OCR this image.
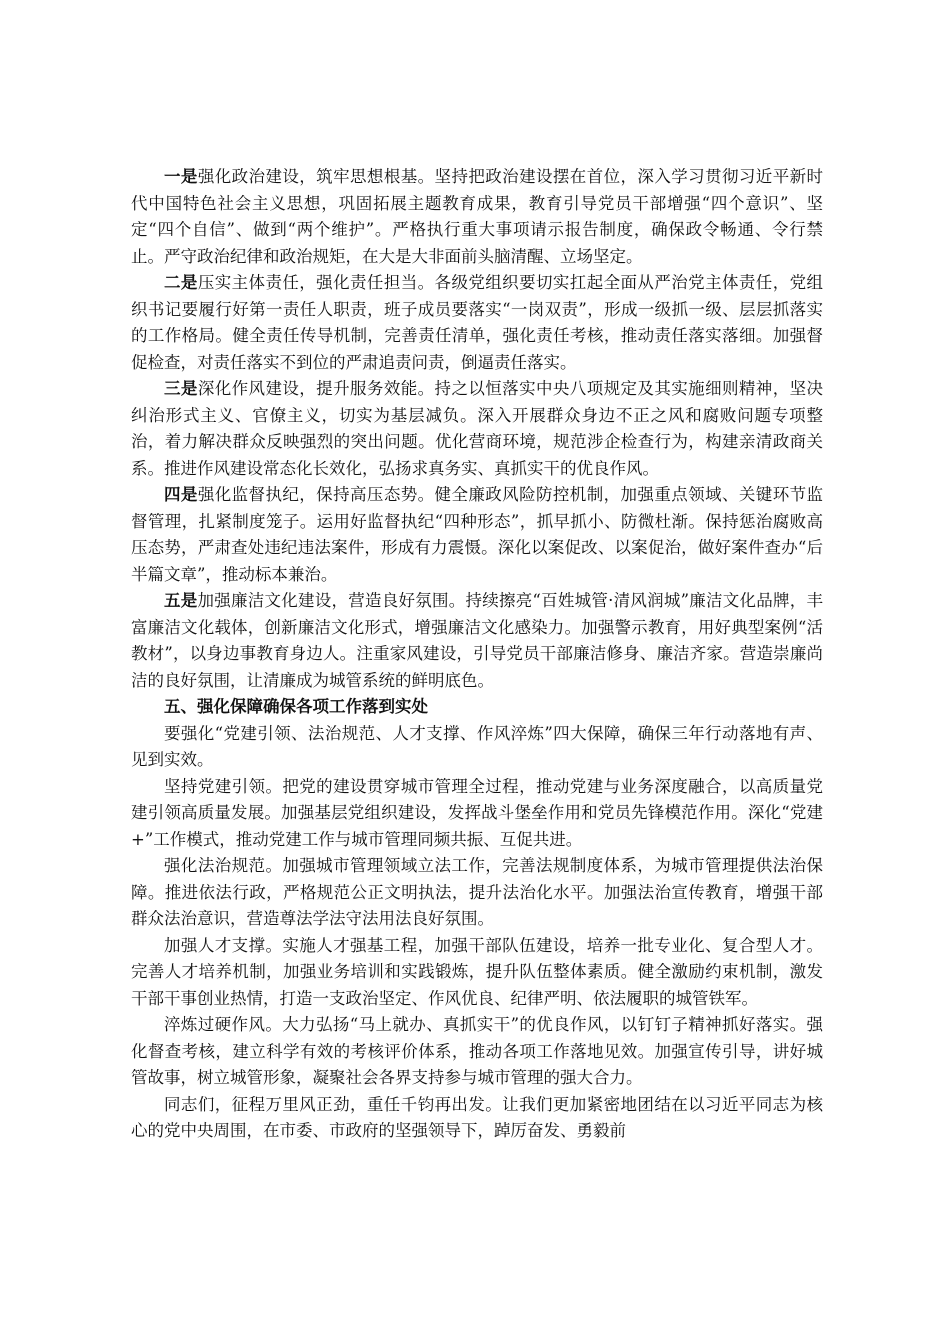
一是强化政治建设，筑牢思想根基。坚持把政治建设摆在首位，深入学习贯彻习近平新时代中国特色社会主义思想，巩固拓展主题教育成果，教育引导党员干部增强“四个意识”、坚定“四个自信”、做到“两个维护”。严格执行重大事项请示报告制度，确保政令畅通、令行禁止。严守政治纪律和政治规矩，在大是大非面前头脑清醒、立场坚定。

二是压实主体责任，强化责任担当。各级党组织要切实扛起全面从严治党主体责任，党组织书记要履行好第一责任人职责，班子成员要落实“一岗双责”，形成一级抓一级、层层抓落实的工作格局。健全责任传导机制，完善责任清单，强化责任考核，推动责任落实落细。加强督促检查，对责任落实不到位的严肃追责问责，倒逼责任落实。

三是深化作风建设，提升服务效能。持之以恒落实中央八项规定及其实施细则精神，坚决纠治形式主义、官僚主义，切实为基层减负。深入开展群众身边不正之风和腐败问题专项整治，着力解决群众反映强烈的突出问题。优化营商环境，规范涉企检查行为，构建亲清政商关系。推进作风建设常态化长效化，弘扬求真务实、真抓实干的优良作风。

四是强化监督执纪，保持高压态势。健全廉政风险防控机制，加强重点领域、关键环节监督管理，扎紧制度笼子。运用好监督执纪“四种形态”，抓早抓小、防微杜渐。保持惩治腐败高压态势，严肃查处违纪违法案件，形成有力震慑。深化以案促改、以案促治，做好案件查办“后半篇文章”，推动标本兼治。

五是加强廉洁文化建设，营造良好氛围。持续擦亮“百姓城管·清风润城”廉洁文化品牌，丰富廉洁文化载体，创新廉洁文化形式，增强廉洁文化感染力。加强警示教育，用好典型案例“活教材”，以身边事教育身边人。注重家风建设，引导党员干部廉洁修身、廉洁齐家。营造崇廉尚洁的良好氛围，让清廉成为城管系统的鲜明底色。

五、强化保障确保各项工作落到实处

要强化“党建引领、法治规范、人才支撑、作风淬炼”四大保障，确保三年行动落地有声、见到实效。

坚持党建引领。把党的建设贯穿城市管理全过程，推动党建与业务深度融合，以高质量党建引领高质量发展。加强基层党组织建设，发挥战斗堡垒作用和党员先锋模范作用。深化“党建+”工作模式，推动党建工作与城市管理同频共振、互促共进。

强化法治规范。加强城市管理领域立法工作，完善法规制度体系，为城市管理提供法治保障。推进依法行政，严格规范公正文明执法，提升法治化水平。加强法治宣传教育，增强干部群众法治意识，营造尊法学法守法用法良好氛围。

加强人才支撑。实施人才强基工程，加强干部队伍建设，培养一批专业化、复合型人才。完善人才培养机制，加强业务培训和实践锻炼，提升队伍整体素质。健全激励约束机制，激发干部干事创业热情，打造一支政治坚定、作风优良、纪律严明、依法履职的城管铁军。

淬炼过硬作风。大力弘扬“马上就办、真抓实干”的优良作风，以钉钉子精神抓好落实。强化督查考核，建立科学有效的考核评价体系，推动各项工作落地见效。加强宣传引导，讲好城管故事，树立城管形象，凝聚社会各界支持参与城市管理的强大合力。

同志们，征程万里风正劲，重任千钧再出发。让我们更加紧密地团结在以习近平同志为核心的党中央周围，在市委、市政府的坚强领导下，踔厉奋发、勇毅前
